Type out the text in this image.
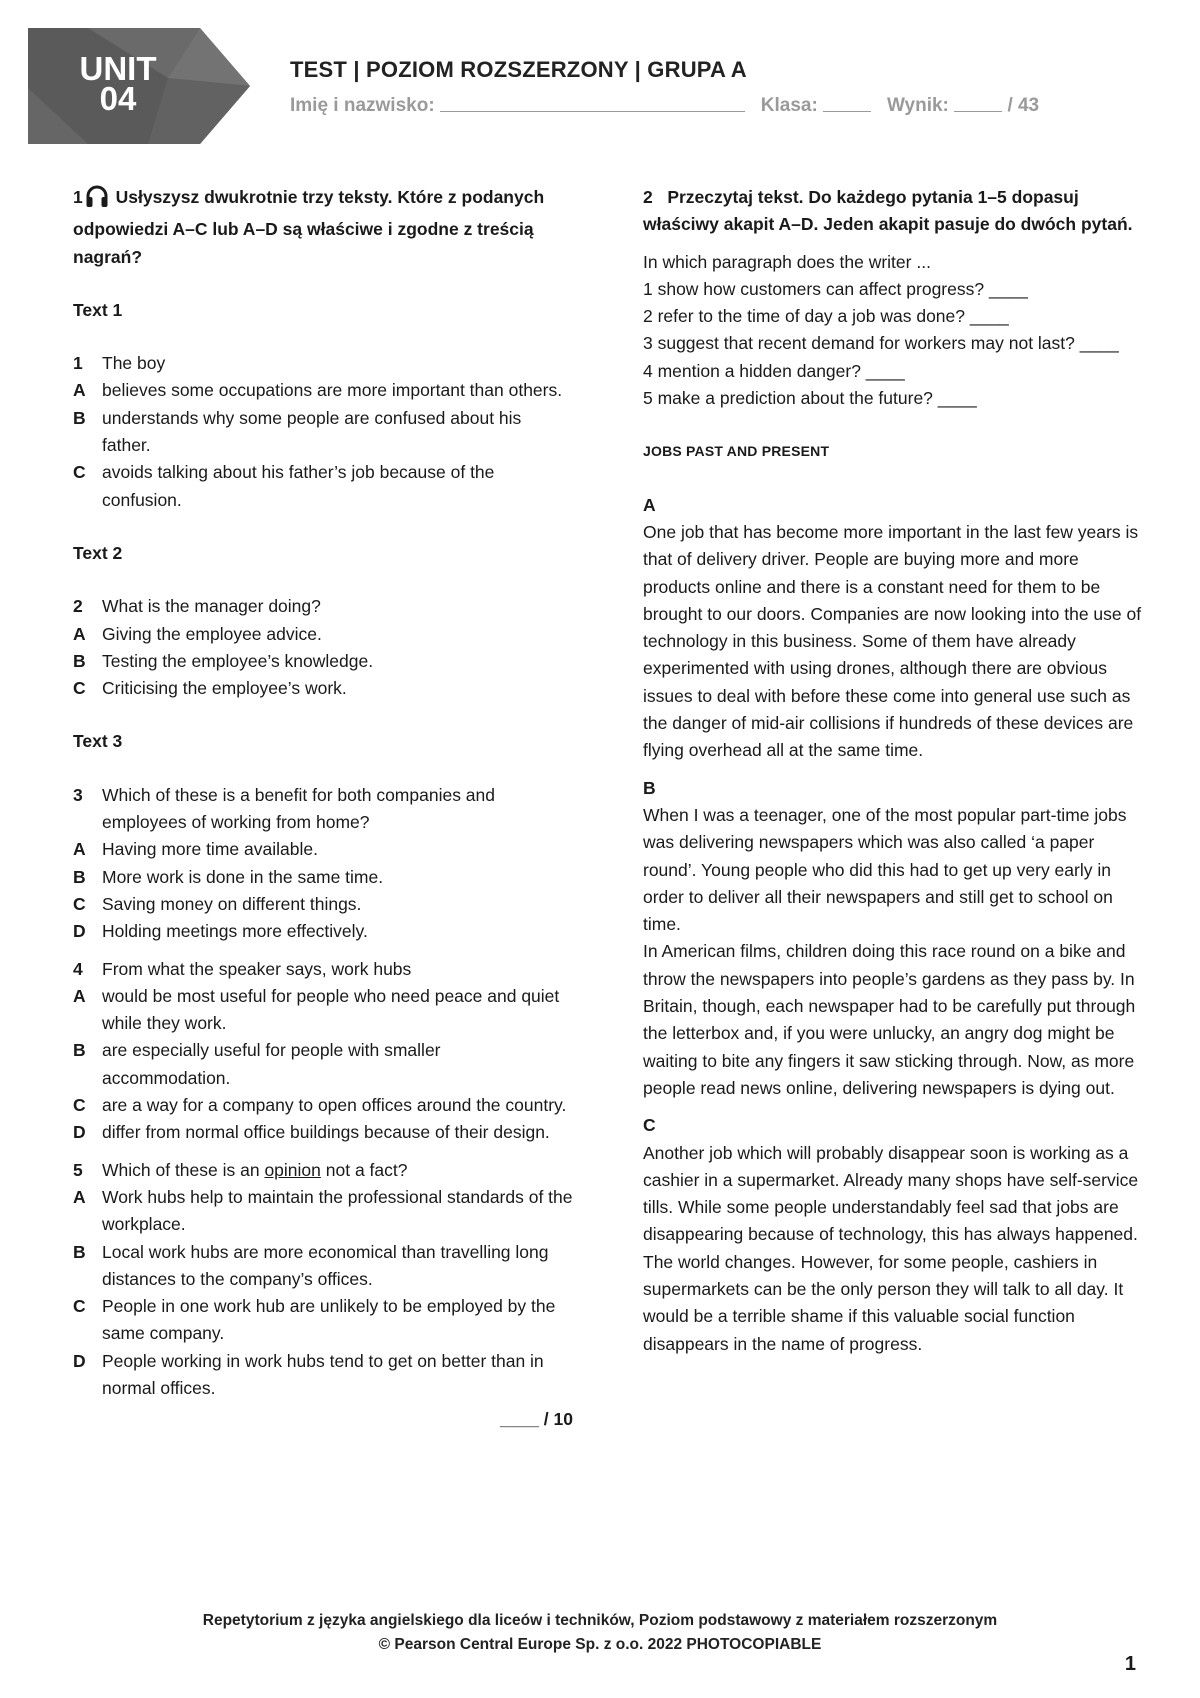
UNIT
04
TEST | POZIOM ROZSZERZONY | GRUPA A
Imię i nazwisko:	Klasa:	Wynik:	/ 43
1 Usłyszysz dwukrotnie trzy teksty. Które z podanych odpowiedzi A–C lub A–D są właściwe i zgodne z treścią nagrań?
Text 1
1	The boy
A believes some occupations are more important than others.
B understands why some people are confused about his father.
C avoids talking about his father’s job because of the confusion.
Text 2
2	What is the manager doing?
A Giving the employee advice.
B Testing the employee’s knowledge.
C Criticising the employee’s work.
Text 3
3	Which of these is a benefit for both companies and employees of working from home?
A Having more time available.
B More work is done in the same time.
C Saving money on different things.
D Holding meetings more effectively.
4	From what the speaker says, work hubs
A would be most useful for people who need peace and quiet while they work.
B are especially useful for people with smaller accommodation.
C are a way for a company to open offices around the country.
D differ from normal office buildings because of their design.
5	Which of these is an opinion not a fact?
A Work hubs help to maintain the professional standards of the workplace.
B Local work hubs are more economical than travelling long distances to the company’s offices.
C People in one work hub are unlikely to be employed by the same company.
D People working in work hubs tend to get on better than in normal offices.
____ / 10
2 Przeczytaj tekst. Do każdego pytania 1–5 dopasuj właściwy akapit A–D. Jeden akapit pasuje do dwóch pytań.
In which paragraph does the writer ...
1 show how customers can affect progress? ____
2 refer to the time of day a job was done? ____
3 suggest that recent demand for workers may not last? ____
4 mention a hidden danger? ____
5 make a prediction about the future? ____
JOBS PAST AND PRESENT
A
One job that has become more important in the last few years is that of delivery driver. People are buying more and more products online and there is a constant need for them to be brought to our doors. Companies are now looking into the use of technology in this business. Some of them have already experimented with using drones, although there are obvious issues to deal with before these come into general use such as the danger of mid-air collisions if hundreds of these devices are flying overhead all at the same time.
B
When I was a teenager, one of the most popular part-time jobs was delivering newspapers which was also called ‘a paper round’. Young people who did this had to get up very early in order to deliver all their newspapers and still get to school on time.
In American films, children doing this race round on a bike and throw the newspapers into people’s gardens as they pass by. In Britain, though, each newspaper had to be carefully put through the letterbox and, if you were unlucky, an angry dog might be waiting to bite any fingers it saw sticking through. Now, as more people read news online, delivering newspapers is dying out.
C
Another job which will probably disappear soon is working as a cashier in a supermarket. Already many shops have self-service tills. While some people understandably feel sad that jobs are disappearing because of technology, this has always happened. The world changes. However, for some people, cashiers in supermarkets can be the only person they will talk to all day. It would be a terrible shame if this valuable social function disappears in the name of progress.
Repetytorium z języka angielskiego dla liceów i techników, Poziom podstawowy z materiałem rozszerzonym
© Pearson Central Europe Sp. z o.o. 2022 PHOTOCOPIABLE
1
